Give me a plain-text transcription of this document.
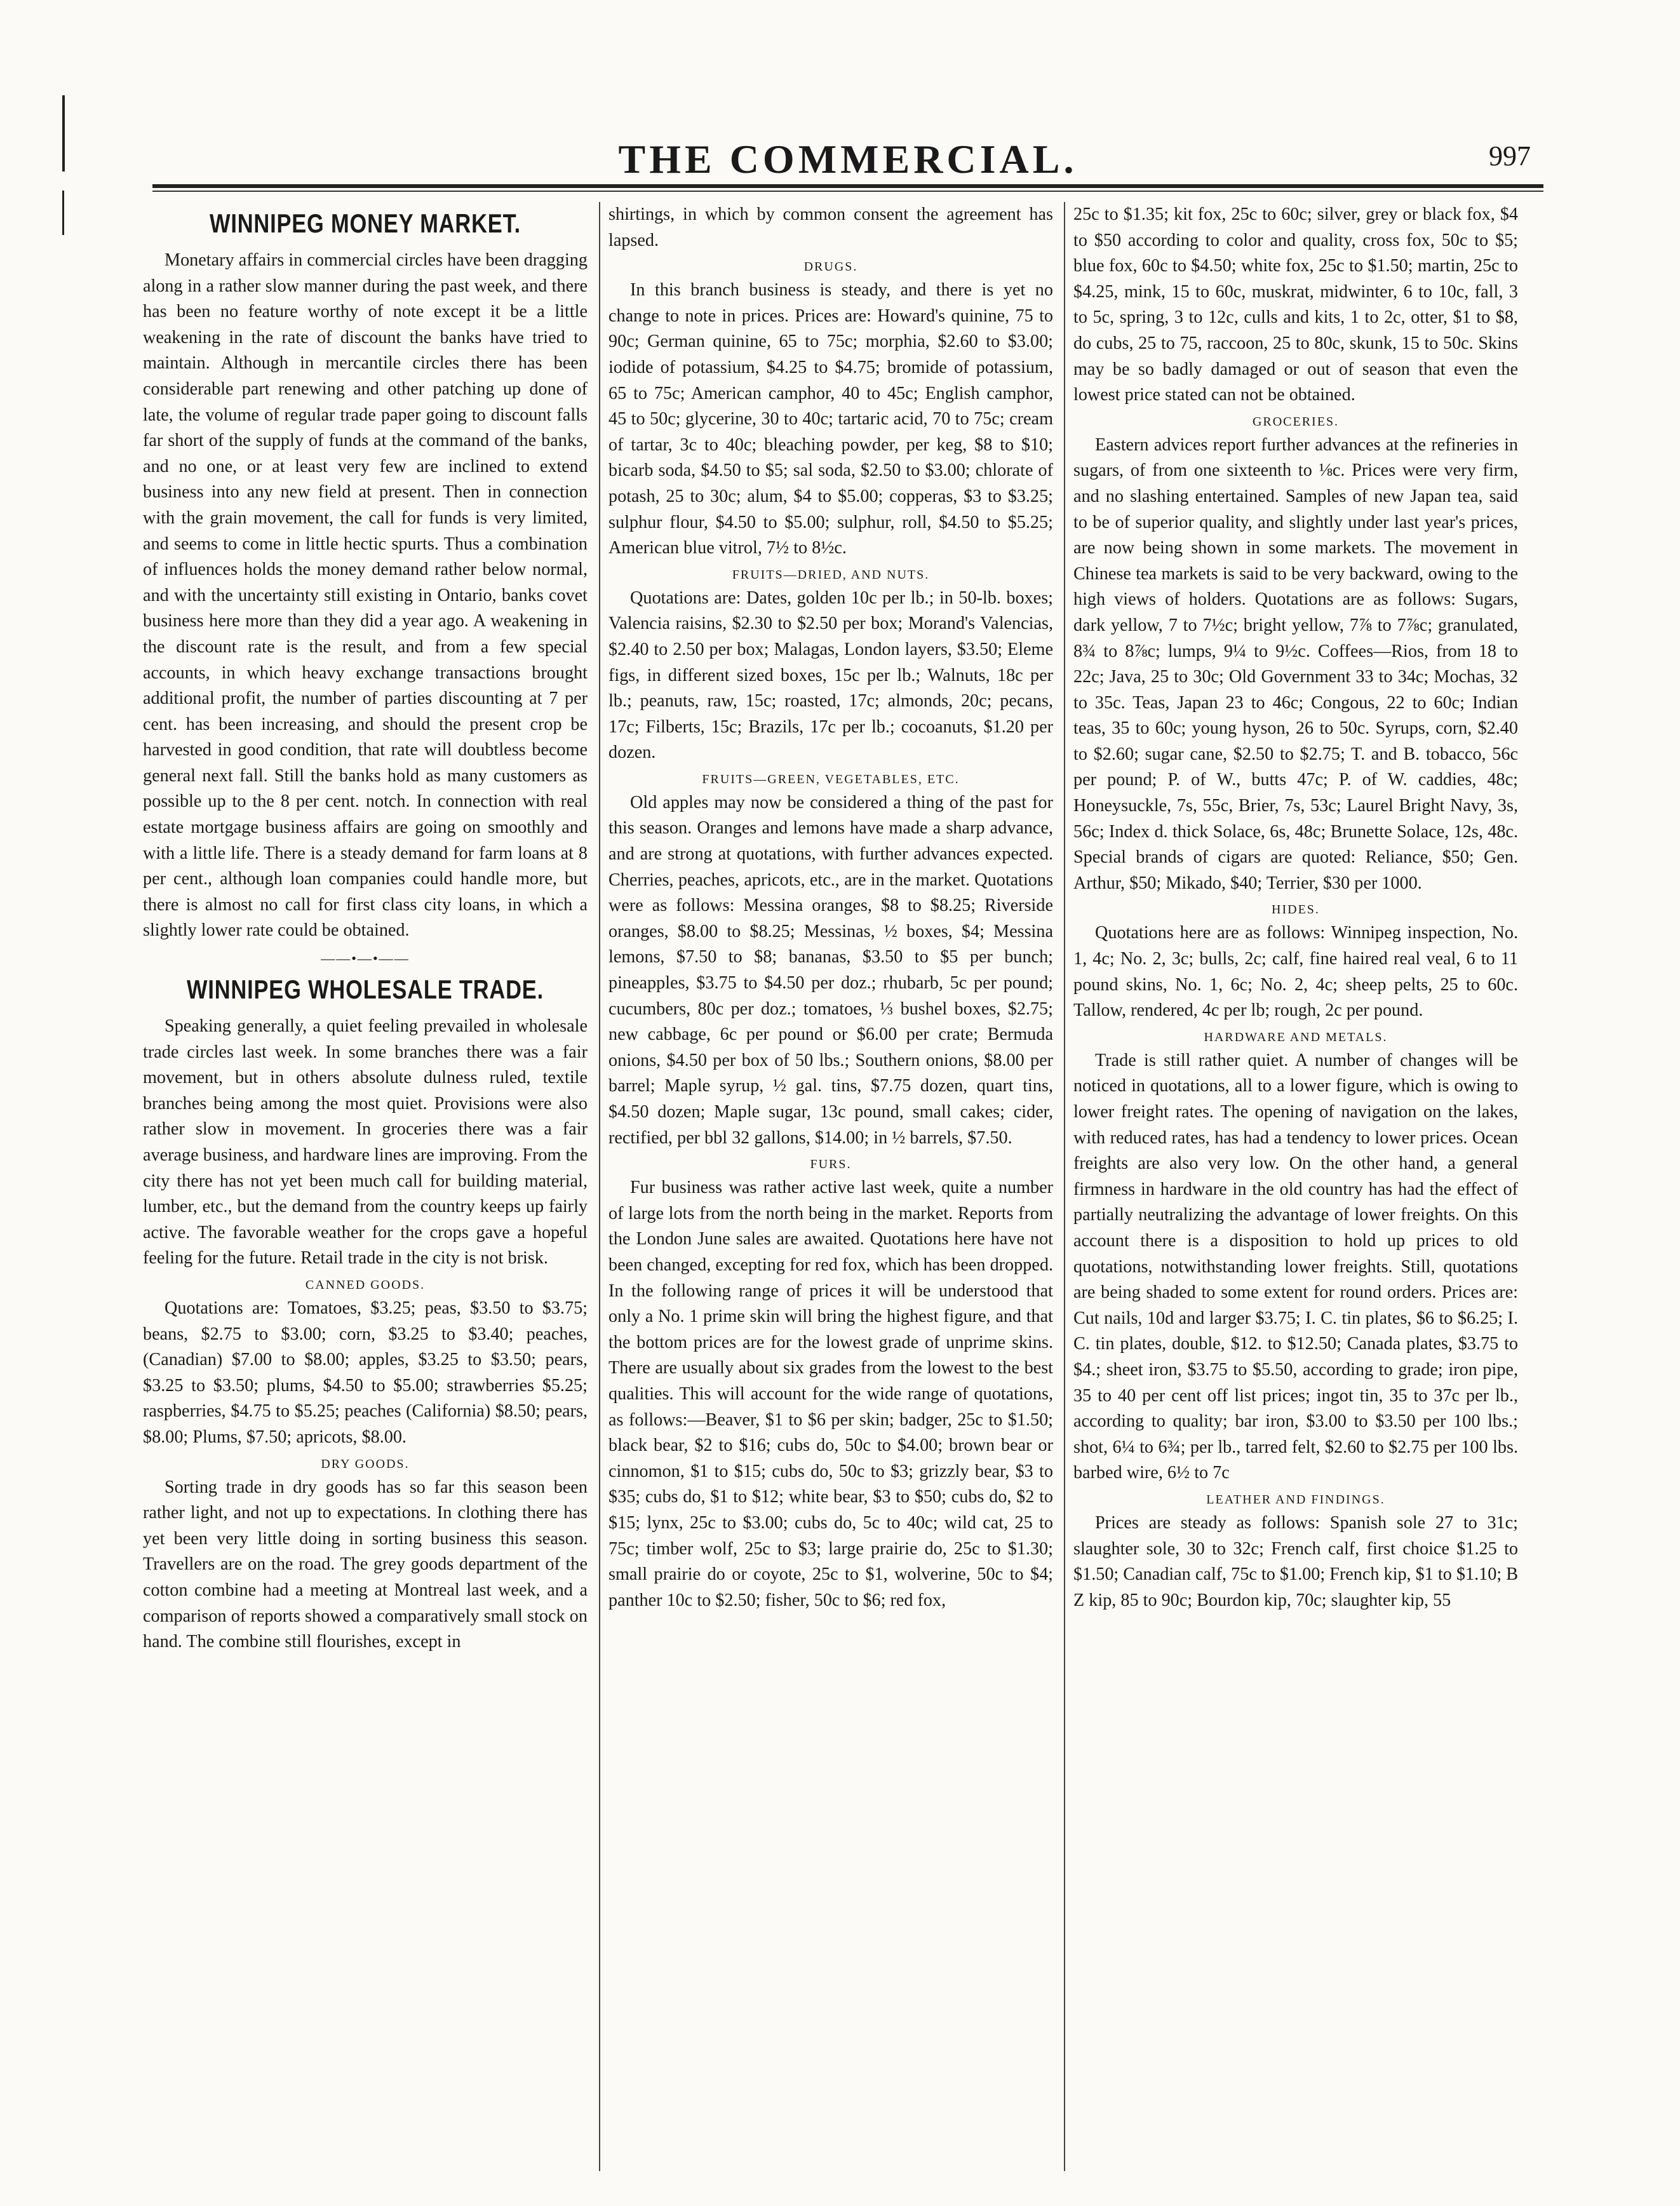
THE COMMERCIAL.	997
WINNIPEG MONEY MARKET.

Monetary affairs in commercial circles have been dragging along in a rather slow manner during the past week, and there has been no feature worthy of note except it be a little weakening in the rate of discount the banks have tried to maintain. Although in mercantile circles there has been considerable part renewing and other patching up done of late, the volume of regular trade paper going to discount falls far short of the supply of funds at the command of the banks, and no one, or at least very few are inclined to extend business into any new field at present. Then in connection with the grain movement, the call for funds is very limited, and seems to come in little hectic spurts. Thus a combination of influences holds the money demand rather below normal, and with the uncertainty still existing in Ontario, banks covet business here more than they did a year ago. A weakening in the discount rate is the result, and from a few special accounts, in which heavy exchange transactions brought additional profit, the number of parties discounting at 7 per cent. has been increasing, and should the present crop be harvested in good condition, that rate will doubtless become general next fall. Still the banks hold as many customers as possible up to the 8 per cent. notch. In connection with real estate mortgage business affairs are going on smoothly and with a little life. There is a steady demand for farm loans at 8 per cent., although loan companies could handle more, but there is almost no call for first class city loans, in which a slightly lower rate could be obtained.

——•—•——
WINNIPEG WHOLESALE TRADE.

Speaking generally, a quiet feeling prevailed in wholesale trade circles last week. In some branches there was a fair movement, but in others absolute dulness ruled, textile branches being among the most quiet. Provisions were also rather slow in movement. In groceries there was a fair average business, and hardware lines are improving. From the city there has not yet been much call for building material, lumber, etc., but the demand from the country keeps up fairly active. The favorable weather for the crops gave a hopeful feeling for the future. Retail trade in the city is not brisk.

CANNED GOODS.

Quotations are: Tomatoes, $3.25; peas, $3.50 to $3.75; beans, $2.75 to $3.00; corn, $3.25 to $3.40; peaches, (Canadian) $7.00 to $8.00; apples, $3.25 to $3.50; pears, $3.25 to $3.50; plums, $4.50 to $5.00; strawberries $5.25; raspberries, $4.75 to $5.25; peaches (California) $8.50; pears, $8.00; Plums, $7.50; apricots, $8.00.

DRY GOODS.

Sorting trade in dry goods has so far this season been rather light, and not up to expectations. In clothing there has yet been very little doing in sorting business this season. Travellers are on the road. The grey goods department of the cotton combine had a meeting at Montreal last week, and a comparison of reports showed a comparatively small stock on hand. The combine still flourishes, except in

shirtings, in which by common consent the agreement has lapsed.

DRUGS.

In this branch business is steady, and there is yet no change to note in prices. Prices are: Howard's quinine, 75 to 90c; German quinine, 65 to 75c; morphia, $2.60 to $3.00; iodide of potassium, $4.25 to $4.75; bromide of potassium, 65 to 75c; American camphor, 40 to 45c; English camphor, 45 to 50c; glycerine, 30 to 40c; tartaric acid, 70 to 75c; cream of tartar, 3c to 40c; bleaching powder, per keg, $8 to $10; bicarb soda, $4.50 to $5; sal soda, $2.50 to $3.00; chlorate of potash, 25 to 30c; alum, $4 to $5.00; copperas, $3 to $3.25; sulphur flour, $4.50 to $5.00; sulphur, roll, $4.50 to $5.25; American blue vitrol, 7½ to 8½c.

FRUITS—DRIED, AND NUTS.

Quotations are: Dates, golden 10c per lb.; in 50-lb. boxes; Valencia raisins, $2.30 to $2.50 per box; Morand's Valencias, $2.40 to 2.50 per box; Malagas, London layers, $3.50; Eleme figs, in different sized boxes, 15c per lb.; Walnuts, 18c per lb.; peanuts, raw, 15c; roasted, 17c; almonds, 20c; pecans, 17c; Filberts, 15c; Brazils, 17c per lb.; cocoanuts, $1.20 per dozen.

FRUITS—GREEN, VEGETABLES, ETC.

Old apples may now be considered a thing of the past for this season. Oranges and lemons have made a sharp advance, and are strong at quotations, with further advances expected. Cherries, peaches, apricots, etc., are in the market. Quotations were as follows: Messina oranges, $8 to $8.25; Riverside oranges, $8.00 to $8.25; Messinas, ½ boxes, $4; Messina lemons, $7.50 to $8; bananas, $3.50 to $5 per bunch; pineapples, $3.75 to $4.50 per doz.; rhubarb, 5c per pound; cucumbers, 80c per doz.; tomatoes, ⅓ bushel boxes, $2.75; new cabbage, 6c per pound or $6.00 per crate; Bermuda onions, $4.50 per box of 50 lbs.; Southern onions, $8.00 per barrel; Maple syrup, ½ gal. tins, $7.75 dozen, quart tins, $4.50 dozen; Maple sugar, 13c pound, small cakes; cider, rectified, per bbl 32 gallons, $14.00; in ½ barrels, $7.50.

FURS.

Fur business was rather active last week, quite a number of large lots from the north being in the market. Reports from the London June sales are awaited. Quotations here have not been changed, excepting for red fox, which has been dropped. In the following range of prices it will be understood that only a No. 1 prime skin will bring the highest figure, and that the bottom prices are for the lowest grade of unprime skins. There are usually about six grades from the lowest to the best qualities. This will account for the wide range of quotations, as follows:—Beaver, $1 to $6 per skin; badger, 25c to $1.50; black bear, $2 to $16; cubs do, 50c to $4.00; brown bear or cinnomon, $1 to $15; cubs do, 50c to $3; grizzly bear, $3 to $35; cubs do, $1 to $12; white bear, $3 to $50; cubs do, $2 to $15; lynx, 25c to $3.00; cubs do, 5c to 40c; wild cat, 25 to 75c; timber wolf, 25c to $3; large prairie do, 25c to $1.30; small prairie do or coyote, 25c to $1, wolverine, 50c to $4; panther 10c to $2.50; fisher, 50c to $6; red fox,

25c to $1.35; kit fox, 25c to 60c; silver, grey or black fox, $4 to $50 according to color and quality, cross fox, 50c to $5; blue fox, 60c to $4.50; white fox, 25c to $1.50; martin, 25c to $4.25, mink, 15 to 60c, muskrat, midwinter, 6 to 10c, fall, 3 to 5c, spring, 3 to 12c, culls and kits, 1 to 2c, otter, $1 to $8, do cubs, 25 to 75, raccoon, 25 to 80c, skunk, 15 to 50c. Skins may be so badly damaged or out of season that even the lowest price stated can not be obtained.

GROCERIES.

Eastern advices report further advances at the refineries in sugars, of from one sixteenth to ⅛c. Prices were very firm, and no slashing entertained. Samples of new Japan tea, said to be of superior quality, and slightly under last year's prices, are now being shown in some markets. The movement in Chinese tea markets is said to be very backward, owing to the high views of holders. Quotations are as follows: Sugars, dark yellow, 7 to 7½c; bright yellow, 7⅞ to 7⅞c; granulated, 8¾ to 8⅞c; lumps, 9¼ to 9½c. Coffees—Rios, from 18 to 22c; Java, 25 to 30c; Old Government 33 to 34c; Mochas, 32 to 35c. Teas, Japan 23 to 46c; Congous, 22 to 60c; Indian teas, 35 to 60c; young hyson, 26 to 50c. Syrups, corn, $2.40 to $2.60; sugar cane, $2.50 to $2.75; T. and B. tobacco, 56c per pound; P. of W., butts 47c; P. of W. caddies, 48c; Honeysuckle, 7s, 55c, Brier, 7s, 53c; Laurel Bright Navy, 3s, 56c; Index d. thick Solace, 6s, 48c; Brunette Solace, 12s, 48c. Special brands of cigars are quoted: Reliance, $50; Gen. Arthur, $50; Mikado, $40; Terrier, $30 per 1000.

HIDES.

Quotations here are as follows: Winnipeg inspection, No. 1, 4c; No. 2, 3c; bulls, 2c; calf, fine haired real veal, 6 to 11 pound skins, No. 1, 6c; No. 2, 4c; sheep pelts, 25 to 60c. Tallow, rendered, 4c per lb; rough, 2c per pound.

HARDWARE AND METALS.

Trade is still rather quiet. A number of changes will be noticed in quotations, all to a lower figure, which is owing to lower freight rates. The opening of navigation on the lakes, with reduced rates, has had a tendency to lower prices. Ocean freights are also very low. On the other hand, a general firmness in hardware in the old country has had the effect of partially neutralizing the advantage of lower freights. On this account there is a disposition to hold up prices to old quotations, notwithstanding lower freights. Still, quotations are being shaded to some extent for round orders. Prices are: Cut nails, 10d and larger $3.75; I. C. tin plates, $6 to $6.25; I. C. tin plates, double, $12. to $12.50; Canada plates, $3.75 to $4.; sheet iron, $3.75 to $5.50, according to grade; iron pipe, 35 to 40 per cent off list prices; ingot tin, 35 to 37c per lb., according to quality; bar iron, $3.00 to $3.50 per 100 lbs.; shot, 6¼ to 6¾; per lb., tarred felt, $2.60 to $2.75 per 100 lbs. barbed wire, 6½ to 7c

LEATHER AND FINDINGS.

Prices are steady as follows: Spanish sole 27 to 31c; slaughter sole, 30 to 32c; French calf, first choice $1.25 to $1.50; Canadian calf, 75c to $1.00; French kip, $1 to $1.10; B Z kip, 85 to 90c; Bourdon kip, 70c; slaughter kip, 55
